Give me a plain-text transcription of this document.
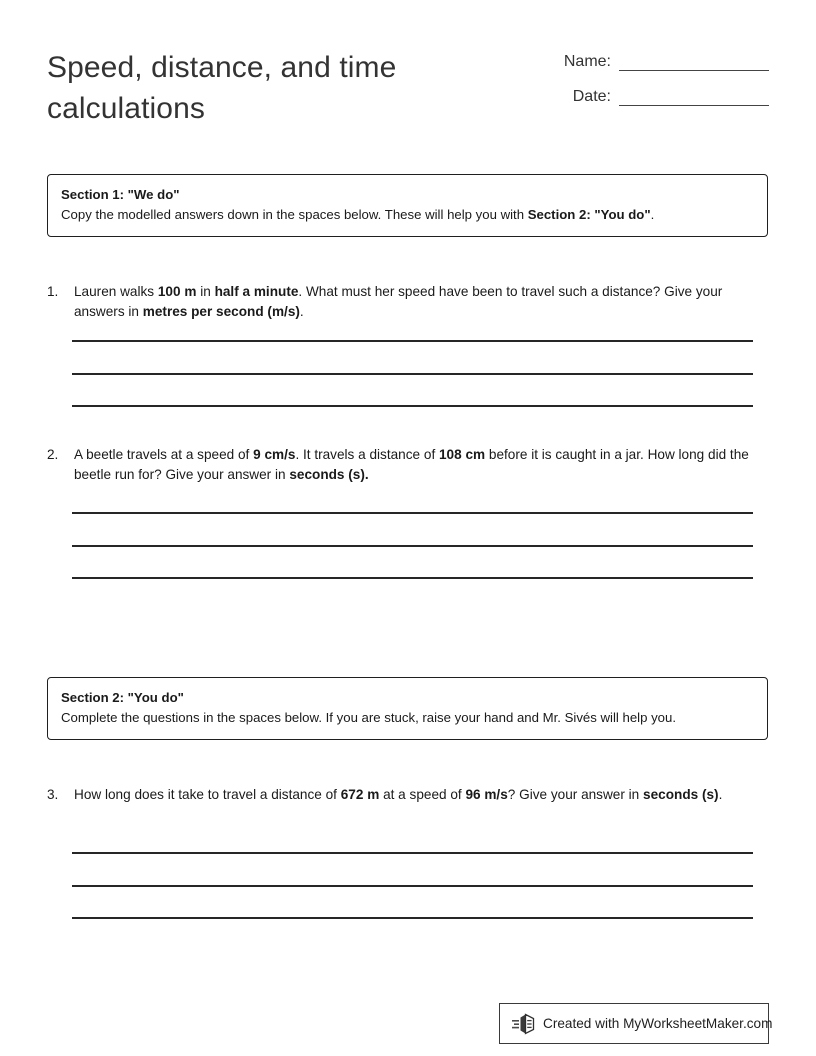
Speed, distance, and time calculations
Name:
Date:
Section 1: "We do"
Copy the modelled answers down in the spaces below. These will help you with Section 2: "You do".
1.	Lauren walks 100 m in half a minute. What must her speed have been to travel such a distance? Give your answers in metres per second (m/s).
2.	A beetle travels at a speed of 9 cm/s. It travels a distance of 108 cm before it is caught in a jar. How long did the beetle run for? Give your answer in seconds (s).
Section 2: "You do"
Complete the questions in the spaces below. If you are stuck, raise your hand and Mr. Sivés will help you.
3.	How long does it take to travel a distance of 672 m at a speed of 96 m/s? Give your answer in seconds (s).
Created with MyWorksheetMaker.com
